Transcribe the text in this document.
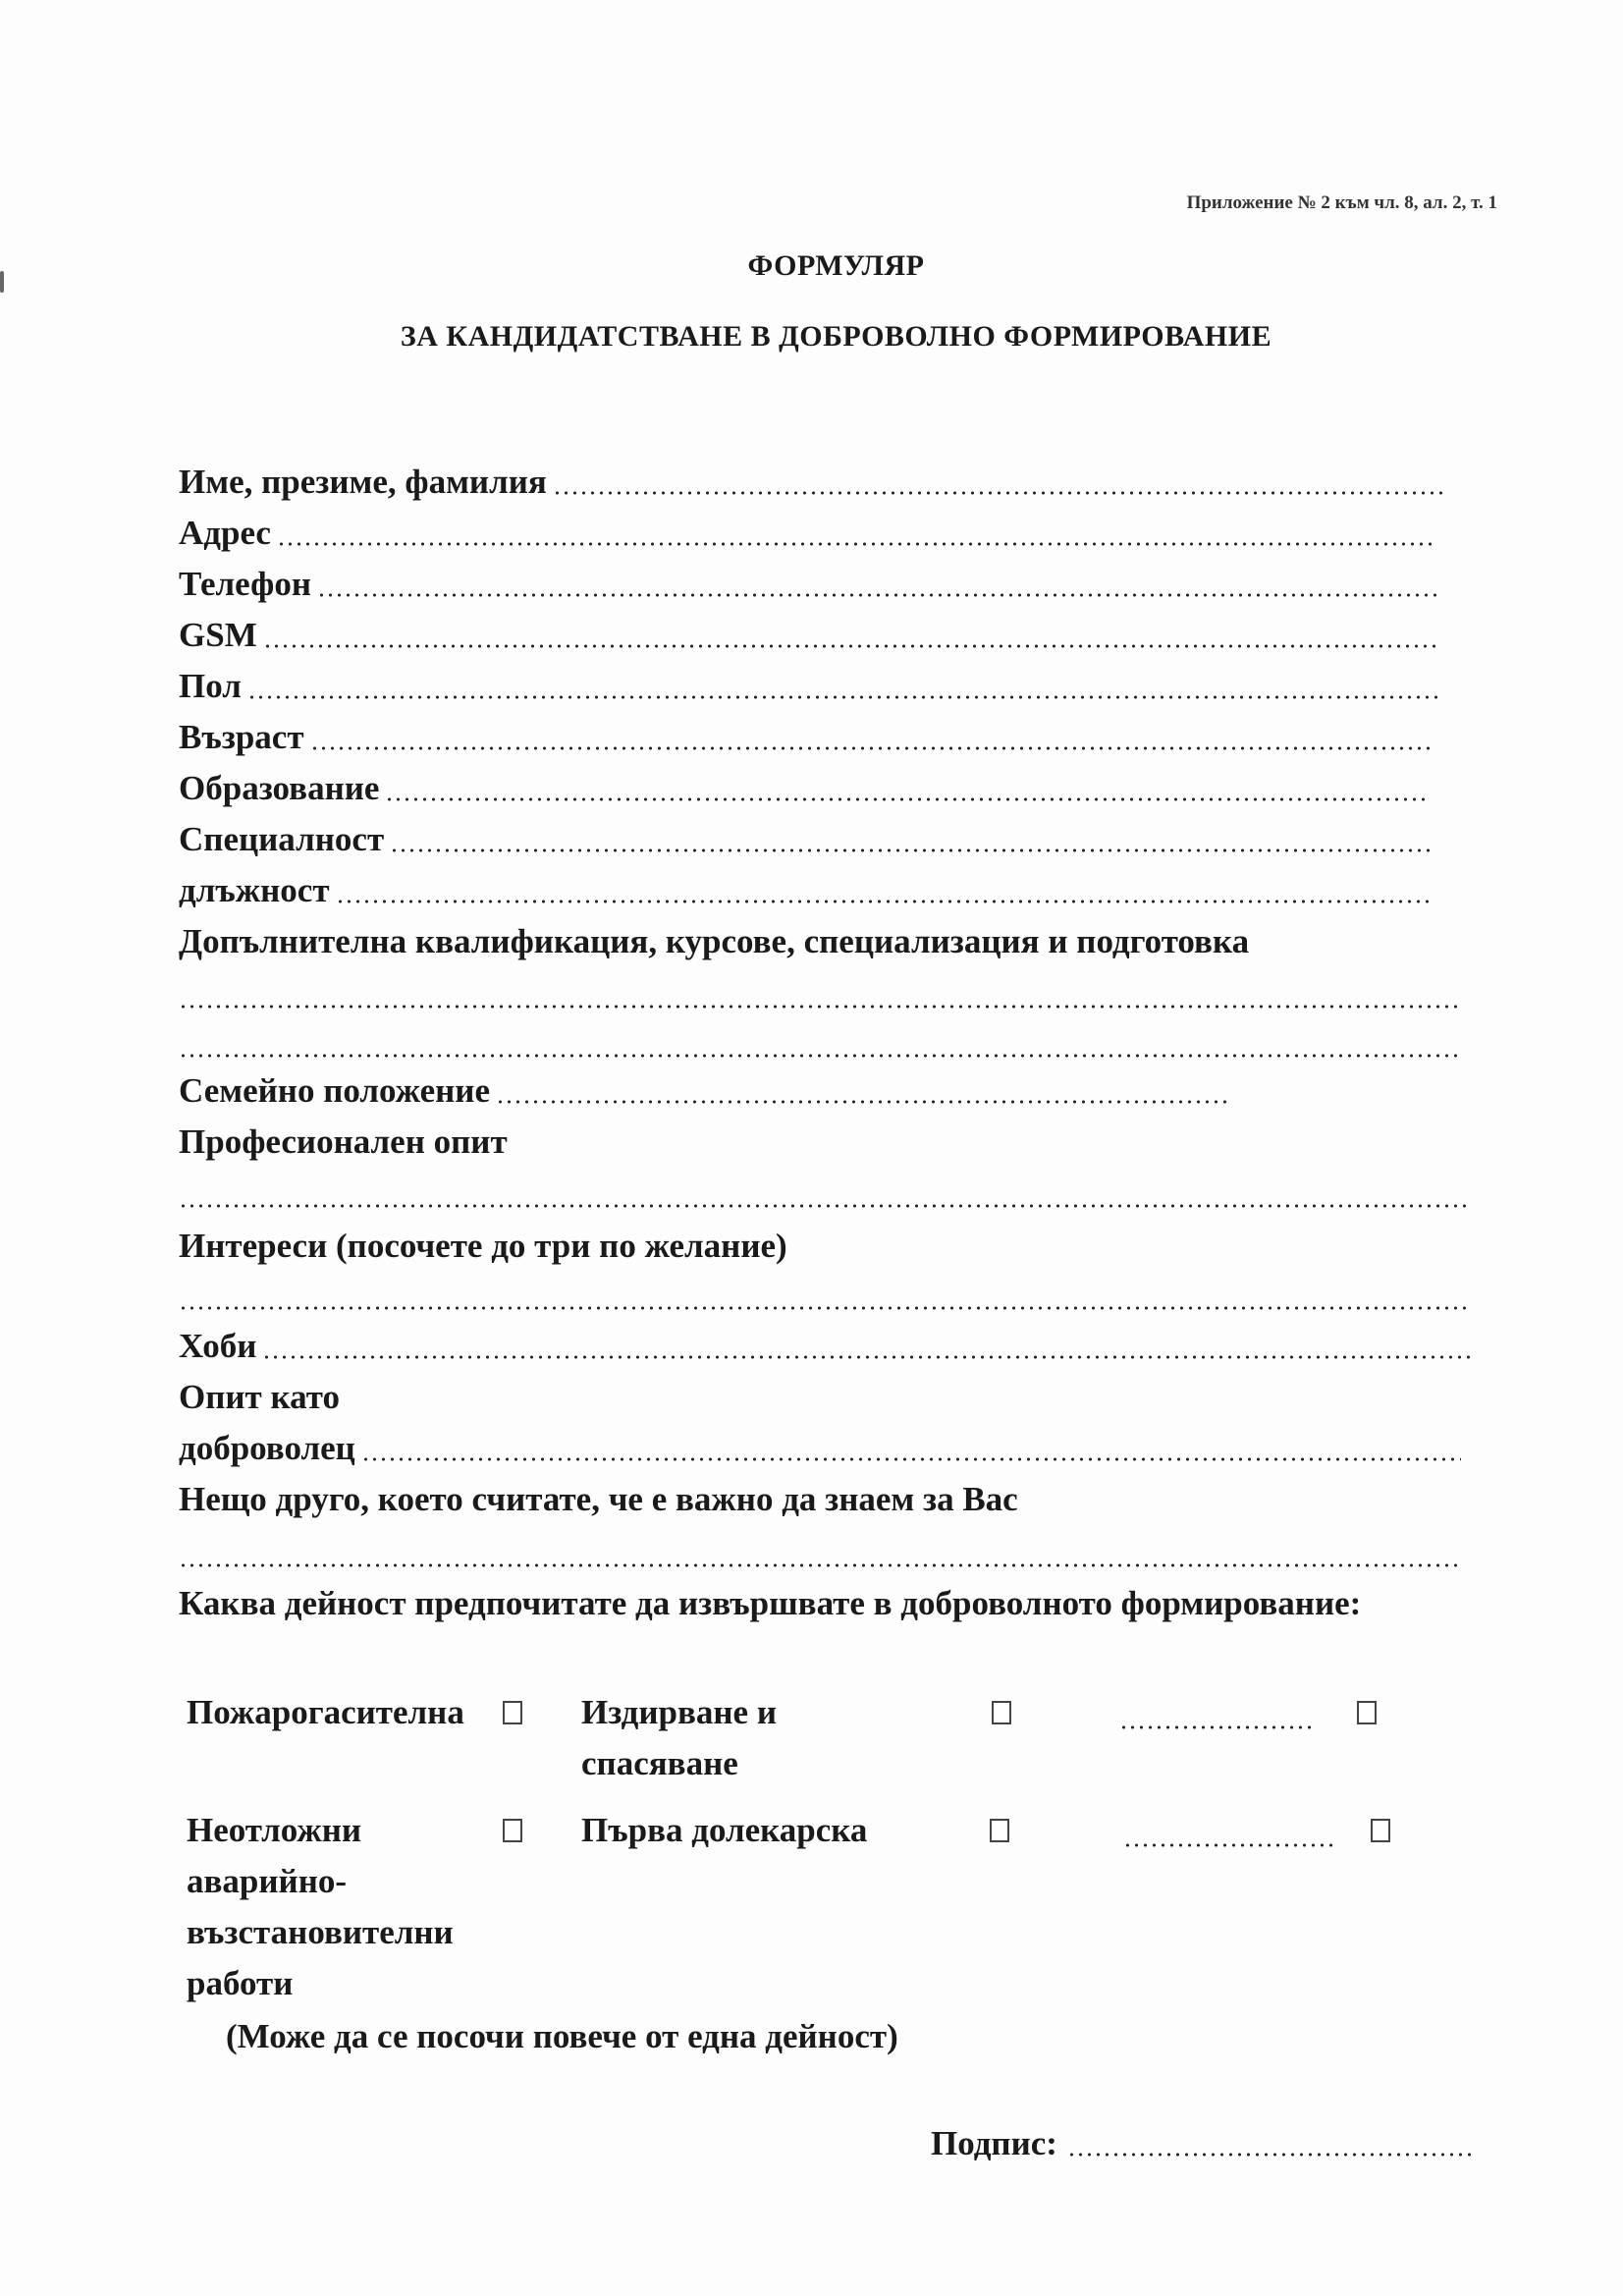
Приложение № 2 към чл. 8, ал. 2, т. 1
ФОРМУЛЯР
ЗА КАНДИДАТСТВАНЕ В ДОБРОВОЛНО ФОРМИРОВАНИЕ
Име, презиме, фамилия
Адрес
Телефон
GSM
Пол
Възраст
Образование
Специалност
длъжност
Допълнителна квалификация, курсове, специализация и подготовка
Семейно положение
Професионален опит
Интереси (посочете до три по желание)
Хоби
Опит като
доброволец
Нещо друго, което считате, че е важно да знаем за Вас
Каква дейност предпочитате да извършвате в доброволното формирование:
Пожарогасителна	Издирване и
спасяване
Неотложни
аварийно-
възстановителни
работи
Първа долекарска
(Може да се посочи повече от една дейност)
Подпис:
